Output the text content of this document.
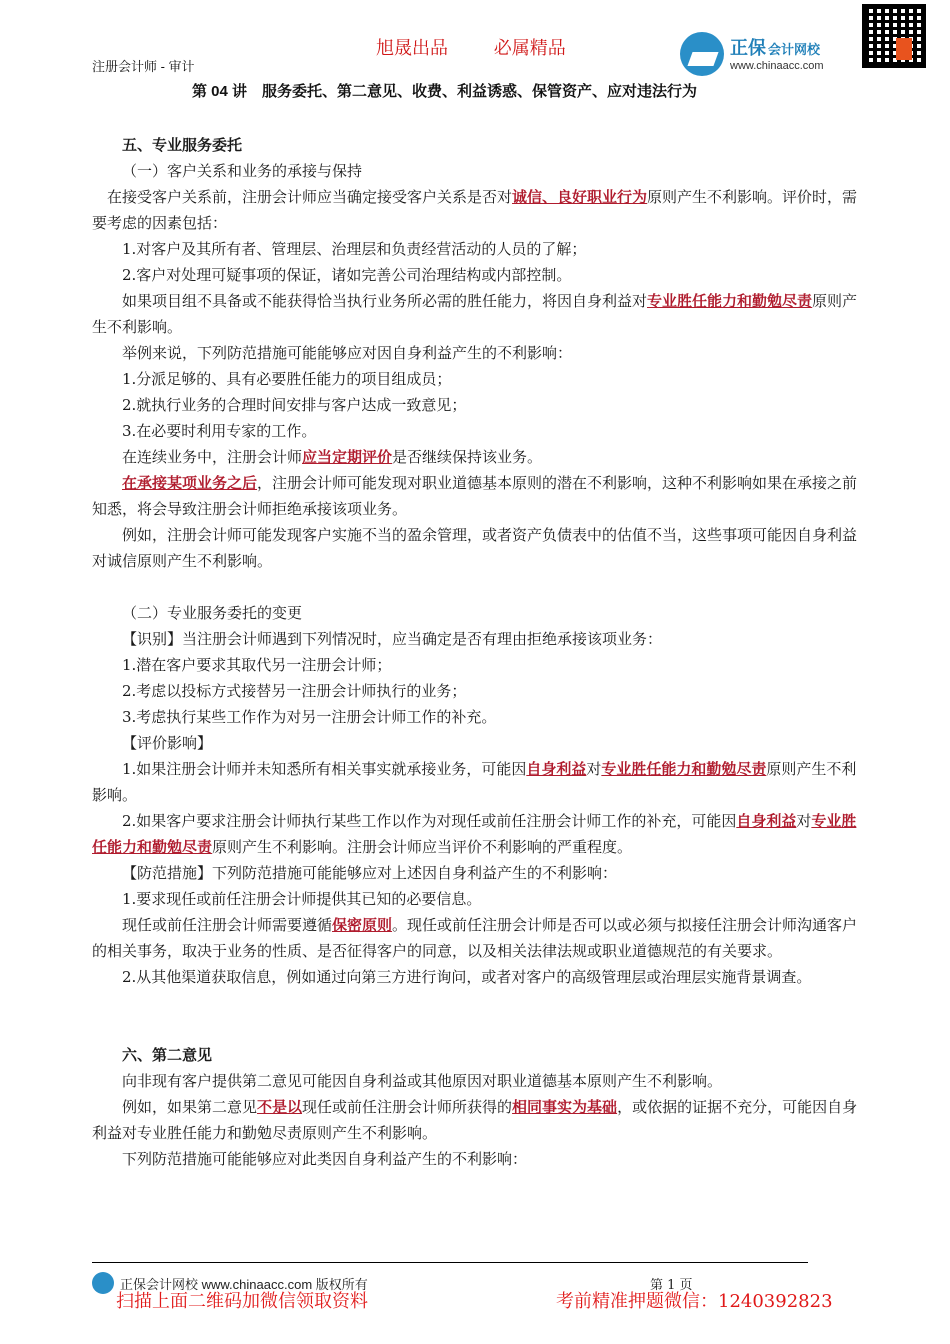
旭晟出品	必属精品	正保 会计网校
www.chinaacc.com
注册会计师 - 审计
第 04 讲　服务委托、第二意见、收费、利益诱惑、保管资产、应对违法行为

五、专业服务委托

（一）客户关系和业务的承接与保持

在接受客户关系前，注册会计师应当确定接受客户关系是否对诚信、良好职业行为原则产生不利影响。评价时，需要考虑的因素包括：

1.对客户及其所有者、管理层、治理层和负责经营活动的人员的了解；

2.客户对处理可疑事项的保证，诸如完善公司治理结构或内部控制。

如果项目组不具备或不能获得恰当执行业务所必需的胜任能力，将因自身利益对专业胜任能力和勤勉尽责原则产生不利影响。

举例来说，下列防范措施可能能够应对因自身利益产生的不利影响：

1.分派足够的、具有必要胜任能力的项目组成员；

2.就执行业务的合理时间安排与客户达成一致意见；

3.在必要时利用专家的工作。

在连续业务中，注册会计师应当定期评价是否继续保持该业务。

在承接某项业务之后，注册会计师可能发现对职业道德基本原则的潜在不利影响，这种不利影响如果在承接之前知悉，将会导致注册会计师拒绝承接该项业务。

例如，注册会计师可能发现客户实施不当的盈余管理，或者资产负债表中的估值不当，这些事项可能因自身利益对诚信原则产生不利影响。

（二）专业服务委托的变更

【识别】当注册会计师遇到下列情况时，应当确定是否有理由拒绝承接该项业务：

1.潜在客户要求其取代另一注册会计师；

2.考虑以投标方式接替另一注册会计师执行的业务；

3.考虑执行某些工作作为对另一注册会计师工作的补充。

【评价影响】

1.如果注册会计师并未知悉所有相关事实就承接业务，可能因自身利益对专业胜任能力和勤勉尽责原则产生不利影响。

2.如果客户要求注册会计师执行某些工作以作为对现任或前任注册会计师工作的补充，可能因自身利益对专业胜任能力和勤勉尽责原则产生不利影响。注册会计师应当评价不利影响的严重程度。

【防范措施】下列防范措施可能能够应对上述因自身利益产生的不利影响：

1.要求现任或前任注册会计师提供其已知的必要信息。

现任或前任注册会计师需要遵循保密原则。现任或前任注册会计师是否可以或必须与拟接任注册会计师沟通客户的相关事务，取决于业务的性质、是否征得客户的同意，以及相关法律法规或职业道德规范的有关要求。

2.从其他渠道获取信息，例如通过向第三方进行询问，或者对客户的高级管理层或治理层实施背景调查。

六、第二意见

向非现有客户提供第二意见可能因自身利益或其他原因对职业道德基本原则产生不利影响。

例如，如果第二意见不是以现任或前任注册会计师所获得的相同事实为基础，或依据的证据不充分，可能因自身利益对专业胜任能力和勤勉尽责原则产生不利影响。

下列防范措施可能能够应对此类因自身利益产生的不利影响：

正保会计网校 www.chinaacc.com 版权所有	第 1 页
扫描上面二维码加微信领取资料	考前精准押题微信：1240392823
